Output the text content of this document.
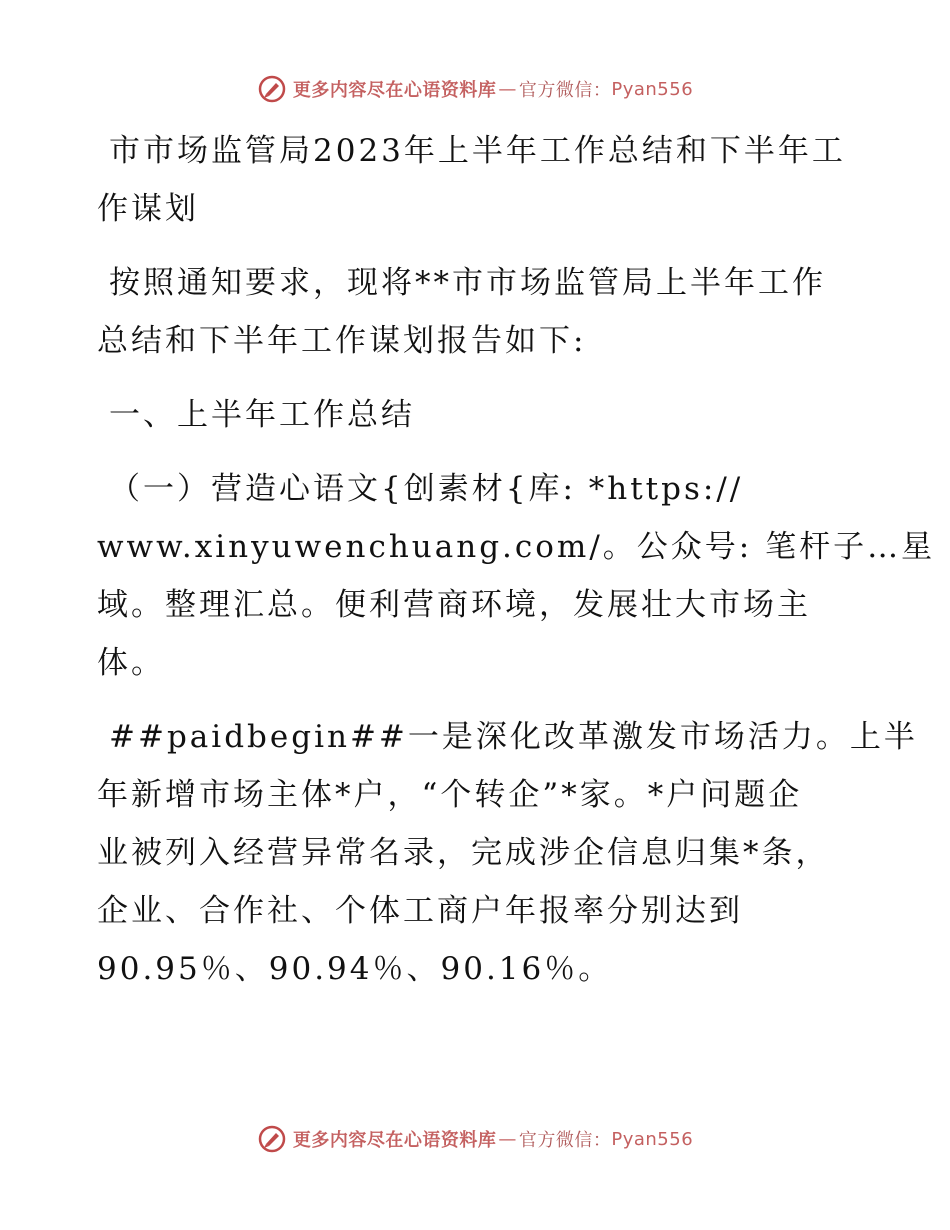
更多内容尽在心语资料库 — 官方微信： Pyan556

市市场监管局2023年上半年工作总结和下半年工
作谋划

按照通知要求，现将**市市场监管局上半年工作
总结和下半年工作谋划报告如下:

一、上半年工作总结

（一）营造心语文{创素材{库: *https://
www.xinyuwenchuang.com/。公众号: 笔杆子…星
域。整理汇总。便利营商环境，发展壮大市场主
体。

##paidbegin##一是深化改革激发市场活力。上半
年新增市场主体*户，“个转企”*家。*户问题企
业被列入经营异常名录，完成涉企信息归集*条，
企业、合作社、个体工商户年报率分别达到
90.95％、90.94％、90.16％。

更多内容尽在心语资料库 — 官方微信： Pyan556
